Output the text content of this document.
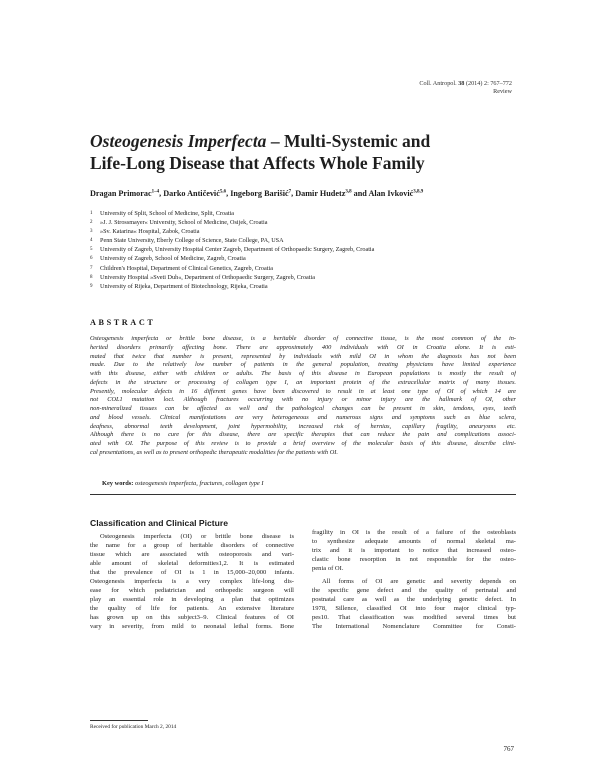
Coll. Antropol. 38 (2014) 2: 767–772
Review
Osteogenesis Imperfecta – Multi-Systemic and
Life-Long Disease that Affects Whole Family
Dragan Primorac$^{1-4}$, Darko Antičević$^{5,6}$, Ingeborg Barišić$^7$, Damir Hudetz$^{3,8}$ and Alan Ivković$^{3,8,9}$
1 University of Split, School of Medicine, Split, Croatia
2 »J. J. Strossmayer« University, School of Medicine, Osijek, Croatia
3 »Sv. Katarina« Hospital, Zabok, Croatia
4 Penn State University, Eberly College of Science, State College, PA, USA
5 University of Zagreb, University Hospital Center Zagreb, Department of Orthopaedic Surgery, Zagreb, Croatia
6 University of Zagreb, School of Medicine, Zagreb, Croatia
7 Children's Hospital, Department of Clinical Genetics, Zagreb, Croatia
8 University Hospital »Sveti Duh«, Department of Orthopaedic Surgery, Zagreb, Croatia
9 University of Rijeka, Department of Biotechnology, Rijeka, Croatia
ABSTRACT
Osteogenesis imperfecta or brittle bone disease, is a heritable disorder of connective tissue, is the most common of the in-
herited disorders primarily affecting bone. There are approximately 400 individuals with OI in Croatia alone. It is esti-
mated that twice that number is present, represented by individuals with mild OI in whom the diagnosis has not been
made. Due to the relatively low number of patients in the general population, treating physicians have limited experience
with this disease, either with children or adults. The basis of this disease in European populations is mostly the result of
defects in the structure or processing of collagen type I, an important protein of the extracellular matrix of many tissues.
Presently, molecular defects in 16 different genes have been discovered to result in at least one type of OI of which 14 are
not COL1 mutation loci. Although fractures occurring with no injury or minor injury are the hallmark of OI, other
non-mineralized tissues can be affected as well and the pathological changes can be present in skin, tendons, eyes, teeth
and blood vessels. Clinical manifestations are very heterogeneous and numerous signs and symptoms such as blue sclera,
deafness, abnormal teeth development, joint hypermobility, increased risk of hernias, capillary fragility, aneurysms etc.
Although there is no cure for this disease, there are specific therapies that can reduce the pain and complications associ-
ated with OI. The purpose of this review is to provide a brief overview of the molecular basis of this disease, describe clini-
cal presentations, as well as to present orthopedic therapeutic modalities for the patients with OI.
Key words: osteogenesis imperfecta, fractures, collagen type I
Classification and Clinical Picture
Osteogenesis imperfecta (OI) or brittle bone disease is
the name for a group of heritable disorders of connective
tissue which are associated with osteoporosis and vari-
able amount of skeletal deformities1,2. It is estimated
that the prevalence of OI is 1 in 15,000–20,000 infants.
Osteogenesis imperfecta is a very complex life-long dis-
ease for which pediatrician and orthopedic surgeon will
play an essential role in developing a plan that optimizes
the quality of life for patients. An extensive literature
has grown up on this subject3–9. Clinical features of OI
vary in severity, from mild to neonatal lethal forms. Bone
fragility in OI is the result of a failure of the osteoblasts
to synthesize adequate amounts of normal skeletal ma-
trix and it is important to notice that increased osteo-
clastic bone resorption in not responsible for the osteo-
penia of OI.
All forms of OI are genetic and severity depends on
the specific gene defect and the quality of perinatal and
postnatal care as well as the underlying genetic defect. In
1978, Sillence, classified OI into four major clinical typ-
pes10. That classification was modified several times but
The International Nomenclature Committee for Consti-
Received for publication March 2, 2014
767
